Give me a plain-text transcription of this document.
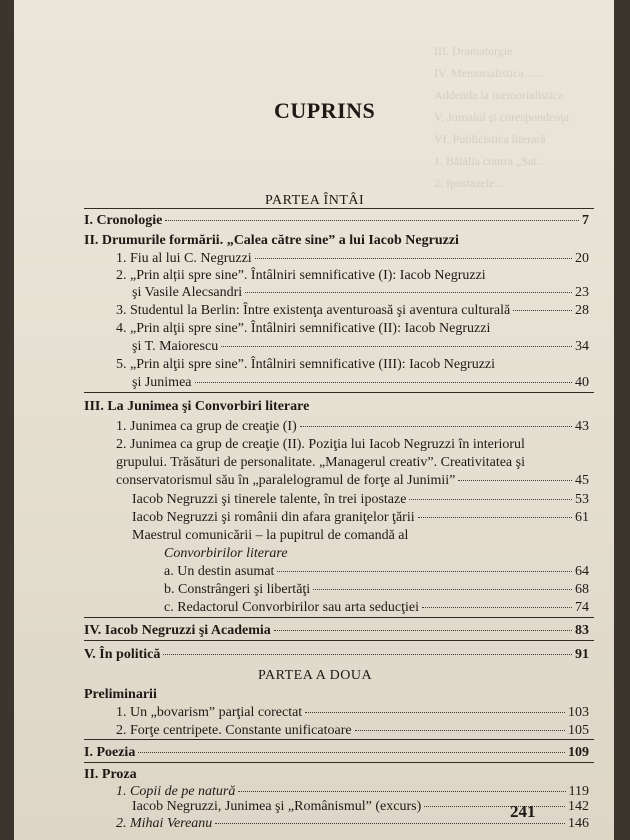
III. Dramaturgie
IV. Memorialistica ......
Addenda la memorialistica
V. Jurnalul şi corespondenţa
VI. Publicistica literară
1. Bătălia contra „Sat...
2. Ipostazele...
CUPRINS
PARTEA ÎNTÂI
I. Cronologie	7
II. Drumurile formării. „Calea către sine” a lui Iacob Negruzzi
1. Fiu al lui C. Negruzzi	20
2. „Prin alții spre sine”. Întâlniri semnificative (I): Iacob Negruzzi
şi Vasile Alecsandri	23
3. Studentul la Berlin: Între existenţa aventuroasă şi aventura culturală	28
4. „Prin alţii spre sine”. Întâlniri semnificative (II): Iacob Negruzzi
şi T. Maiorescu	34
5. „Prin alţii spre sine”. Întâlniri semnificative (III): Iacob Negruzzi
şi Junimea	40
III. La Junimea şi Convorbiri literare
1. Junimea ca grup de creaţie (I)	43
2. Junimea ca grup de creaţie (II). Poziţia lui Iacob Negruzzi în interiorul
grupului. Trăsături de personalitate. „Managerul creativ”. Creativitatea şi
conservatorismul său în „paralelogramul de forţe al Junimii”	45
Iacob Negruzzi şi tinerele talente, în trei ipostaze	53
Iacob Negruzzi şi românii din afara graniţelor ţării	61
Maestrul comunicării – la pupitrul de comandă al
Convorbirilor literare
a. Un destin asumat	64
b. Constrângeri şi libertăţi	68
c. Redactorul Convorbirilor sau arta seducţiei	74
IV. Iacob Negruzzi şi Academia	83
V. În politică	91
PARTEA A DOUA
Preliminarii
1. Un „bovarism” parţial corectat	103
2. Forţe centripete. Constante unificatoare	105
I. Poezia	109
II. Proza
1. Copii de pe natură	119
Iacob Negruzzi, Junimea şi „Românismul” (excurs)	142
2. Mihai Vereanu	146
241
